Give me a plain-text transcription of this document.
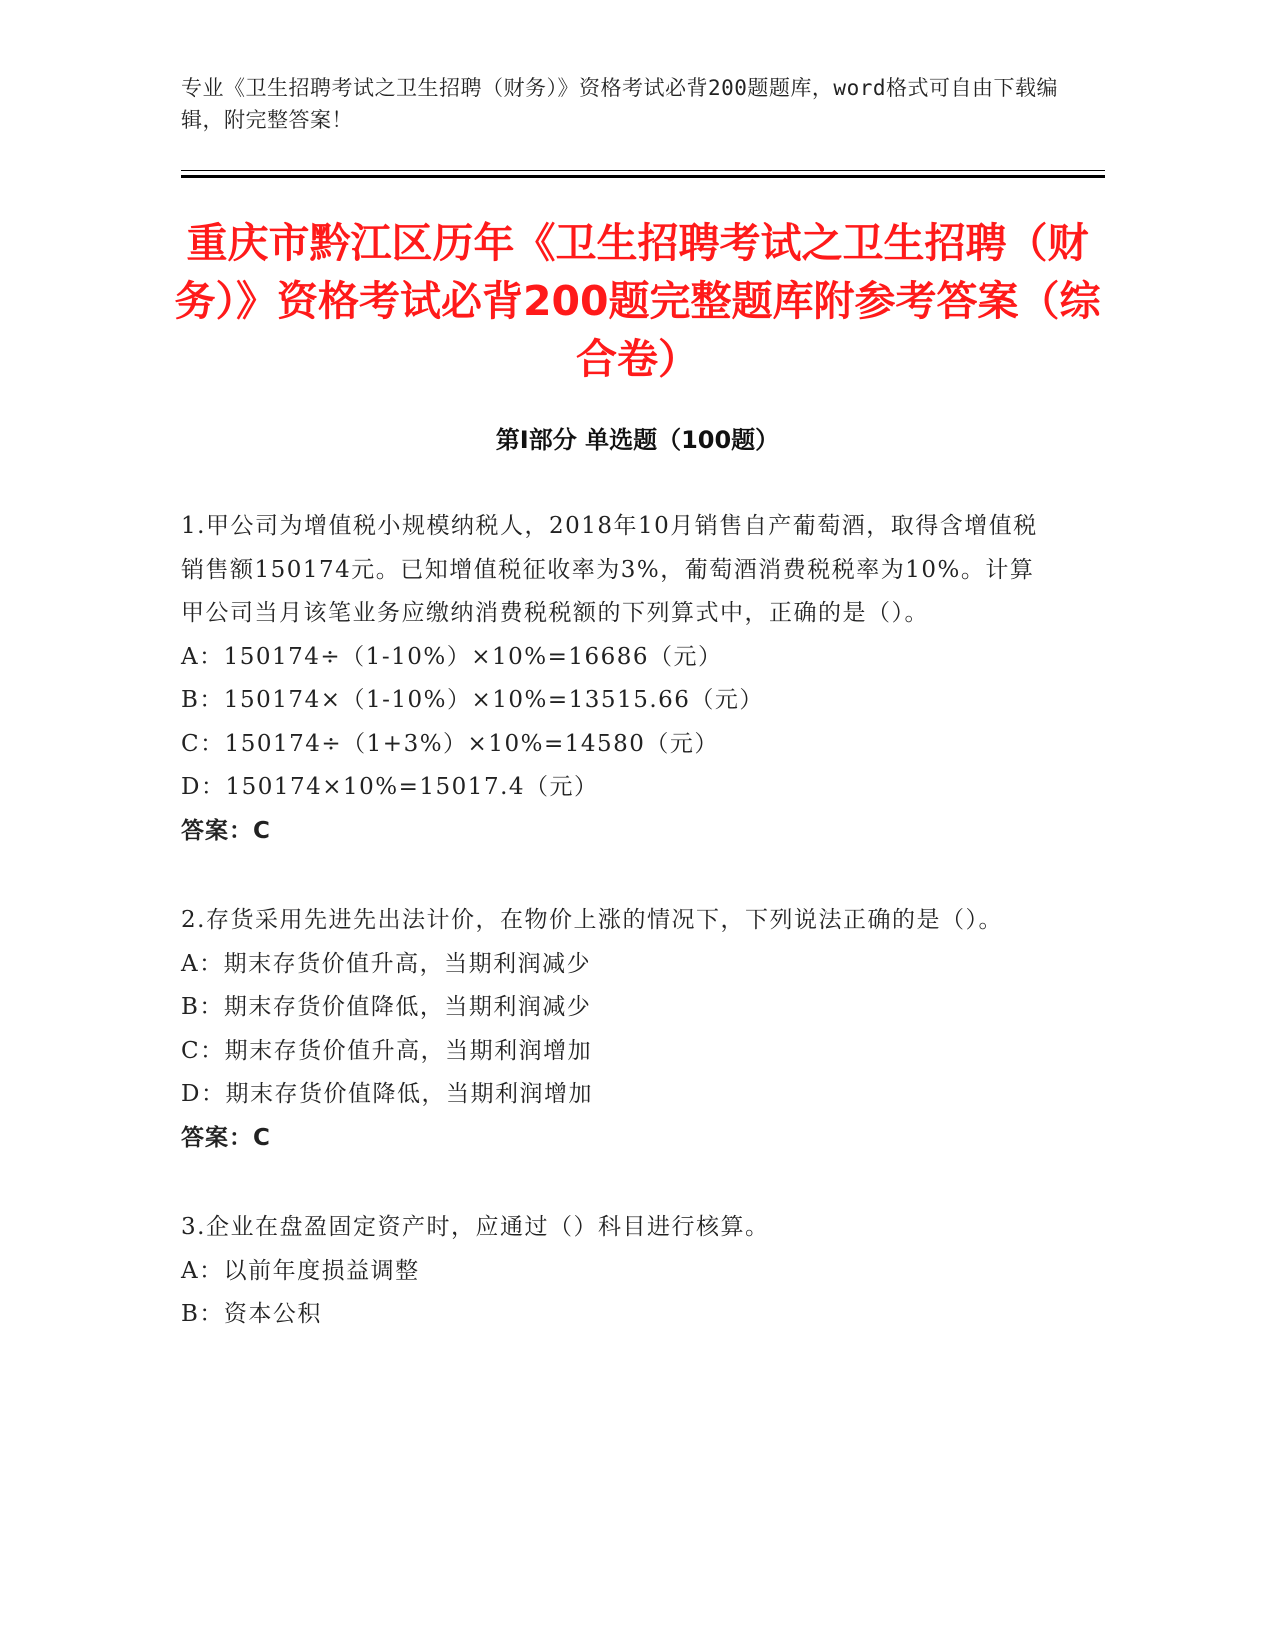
专业《卫生招聘考试之卫生招聘（财务）》资格考试必背200题题库，word格式可自由下载编辑，附完整答案！
重庆市黔江区历年《卫生招聘考试之卫生招聘（财务）》资格考试必背200题完整题库附参考答案（综合卷）
第Ⅰ部分 单选题（100题）

1.甲公司为增值税小规模纳税人，2018年10月销售自产葡萄酒，取得含增值税销售额150174元。已知增值税征收率为3%，葡萄酒消费税税率为10%。计算甲公司当月该笔业务应缴纳消费税税额的下列算式中，正确的是（）。

A：150174÷（1-10%）×10%=16686（元）

B：150174×（1-10%）×10%=13515.66（元）

C：150174÷（1+3%）×10%=14580（元）

D：150174×10%=15017.4（元）

答案：C

2.存货采用先进先出法计价，在物价上涨的情况下，下列说法正确的是（）。

A：期末存货价值升高，当期利润减少

B：期末存货价值降低，当期利润减少

C：期末存货价值升高，当期利润增加

D：期末存货价值降低，当期利润增加

答案：C

3.企业在盘盈固定资产时，应通过（）科目进行核算。

A：以前年度损益调整

B：资本公积
